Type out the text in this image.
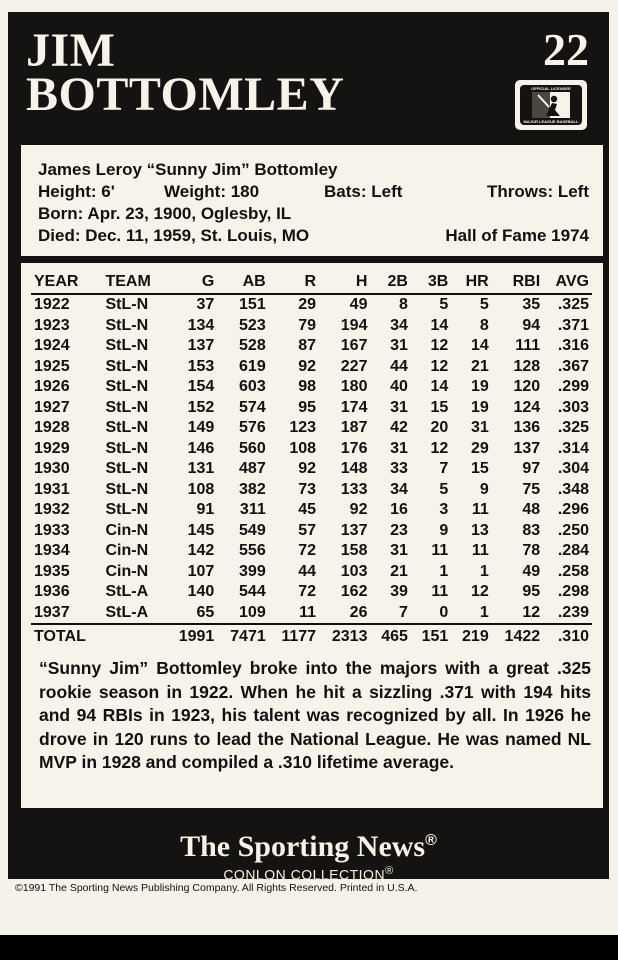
JIM
BOTTOMLEY
22
OFFICIAL LICENSEE
MAJOR LEAGUE BASEBALL
James Leroy “Sunny Jim” Bottomley
Height: 6'	Weight: 180	Bats: Left	Throws: Left
Born: Apr. 23, 1900, Oglesby, IL
Died: Dec. 11, 1959, St. Louis, MO	Hall of Fame 1974
YEAR	TEAM	G	AB	R	H	2B	3B	HR	RBI	AVG
1922	StL-N	37	151	29	49	8	5	5	35	.325
1923	StL-N	134	523	79	194	34	14	8	94	.371
1924	StL-N	137	528	87	167	31	12	14	111	.316
1925	StL-N	153	619	92	227	44	12	21	128	.367
1926	StL-N	154	603	98	180	40	14	19	120	.299
1927	StL-N	152	574	95	174	31	15	19	124	.303
1928	StL-N	149	576	123	187	42	20	31	136	.325
1929	StL-N	146	560	108	176	31	12	29	137	.314
1930	StL-N	131	487	92	148	33	7	15	97	.304
1931	StL-N	108	382	73	133	34	5	9	75	.348
1932	StL-N	91	311	45	92	16	3	11	48	.296
1933	Cin-N	145	549	57	137	23	9	13	83	.250
1934	Cin-N	142	556	72	158	31	11	11	78	.284
1935	Cin-N	107	399	44	103	21	1	1	49	.258
1936	StL-A	140	544	72	162	39	11	12	95	.298
1937	StL-A	65	109	11	26	7	0	1	12	.239
TOTAL		1991	7471	1177	2313	465	151	219	1422	.310
“Sunny Jim” Bottomley broke into the majors with a great .325 rookie season in 1922. When he hit a sizzling .371 with 194 hits and 94 RBIs in 1923, his talent was recognized by all. In 1926 he drove in 120 runs to lead the National League. He was named NL MVP in 1928 and compiled a .310 lifetime average.
The Sporting News®
CONLON COLLECTION®
©1991 The Sporting News Publishing Company. All Rights Reserved. Printed in U.S.A.
